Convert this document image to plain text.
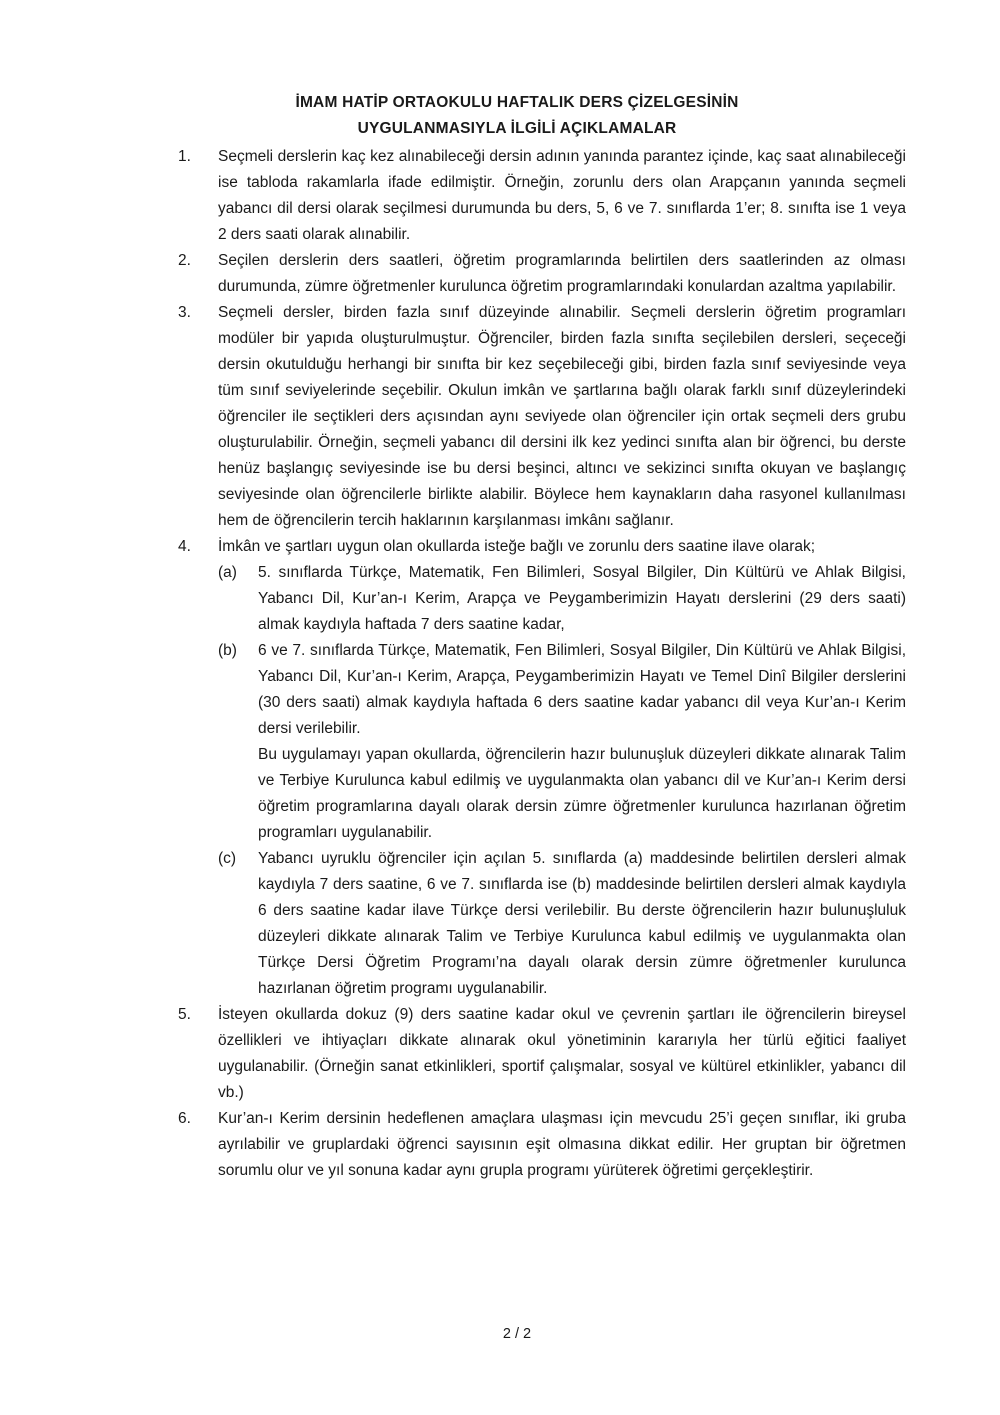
İMAM HATİP ORTAOKULU HAFTALIK DERS ÇİZELGESİNİN
UYGULANMASIYLA İLGİLİ AÇIKLAMALAR
1.	Seçmeli derslerin kaç kez alınabileceği dersin adının yanında parantez içinde, kaç saat alınabileceği ise tabloda rakamlarla ifade edilmiştir. Örneğin, zorunlu ders olan Arapçanın yanında seçmeli yabancı dil dersi olarak seçilmesi durumunda bu ders, 5, 6 ve 7. sınıflarda 1’er; 8. sınıfta ise 1 veya 2 ders saati olarak alınabilir.
2.	Seçilen derslerin ders saatleri, öğretim programlarında belirtilen ders saatlerinden az olması durumunda, zümre öğretmenler kurulunca öğretim programlarındaki konulardan azaltma yapılabilir.
3.	Seçmeli dersler, birden fazla sınıf düzeyinde alınabilir. Seçmeli derslerin öğretim programları modüler bir yapıda oluşturulmuştur. Öğrenciler, birden fazla sınıfta seçilebilen dersleri, seçeceği dersin okutulduğu herhangi bir sınıfta bir kez seçebileceği gibi, birden fazla sınıf seviyesinde veya tüm sınıf seviyelerinde seçebilir. Okulun imkân ve şartlarına bağlı olarak farklı sınıf düzeylerindeki öğrenciler ile seçtikleri ders açısından aynı seviyede olan öğrenciler için ortak seçmeli ders grubu oluşturulabilir. Örneğin, seçmeli yabancı dil dersini ilk kez yedinci sınıfta alan bir öğrenci, bu derste henüz başlangıç seviyesinde ise bu dersi beşinci, altıncı ve sekizinci sınıfta okuyan ve başlangıç seviyesinde olan öğrencilerle birlikte alabilir. Böylece hem kaynakların daha rasyonel kullanılması hem de öğrencilerin tercih haklarının karşılanması imkânı sağlanır.
4.	İmkân ve şartları uygun olan okullarda isteğe bağlı ve zorunlu ders saatine ilave olarak;
(a)	5. sınıflarda Türkçe, Matematik, Fen Bilimleri, Sosyal Bilgiler, Din Kültürü ve Ahlak Bilgisi, Yabancı Dil, Kur’an-ı Kerim, Arapça ve Peygamberimizin Hayatı derslerini (29 ders saati) almak kaydıyla haftada 7 ders saatine kadar,
(b)	6 ve 7. sınıflarda Türkçe, Matematik, Fen Bilimleri, Sosyal Bilgiler, Din Kültürü ve Ahlak Bilgisi, Yabancı Dil, Kur’an-ı Kerim, Arapça, Peygamberimizin Hayatı ve Temel Dinî Bilgiler derslerini (30 ders saati) almak kaydıyla haftada 6 ders saatine kadar yabancı dil veya Kur’an-ı Kerim dersi verilebilir.
Bu uygulamayı yapan okullarda, öğrencilerin hazır bulunuşluk düzeyleri dikkate alınarak Talim ve Terbiye Kurulunca kabul edilmiş ve uygulanmakta olan yabancı dil ve Kur’an-ı Kerim dersi öğretim programlarına dayalı olarak dersin zümre öğretmenler kurulunca hazırlanan öğretim programları uygulanabilir.
(c)	Yabancı uyruklu öğrenciler için açılan 5. sınıflarda (a) maddesinde belirtilen dersleri almak kaydıyla 7 ders saatine, 6 ve 7. sınıflarda ise (b) maddesinde belirtilen dersleri almak kaydıyla 6 ders saatine kadar ilave Türkçe dersi verilebilir. Bu derste öğrencilerin hazır bulunuşluluk düzeyleri dikkate alınarak Talim ve Terbiye Kurulunca kabul edilmiş ve uygulanmakta olan Türkçe Dersi Öğretim Programı’na dayalı olarak dersin zümre öğretmenler kurulunca hazırlanan öğretim programı uygulanabilir.
5.	İsteyen okullarda dokuz (9) ders saatine kadar okul ve çevrenin şartları ile öğrencilerin bireysel özellikleri ve ihtiyaçları dikkate alınarak okul yönetiminin kararıyla her türlü eğitici faaliyet uygulanabilir. (Örneğin sanat etkinlikleri, sportif çalışmalar, sosyal ve kültürel etkinlikler, yabancı dil vb.)
6.	Kur’an-ı Kerim dersinin hedeflenen amaçlara ulaşması için mevcudu 25’i geçen sınıflar, iki gruba ayrılabilir ve gruplardaki öğrenci sayısının eşit olmasına dikkat edilir. Her gruptan bir öğretmen sorumlu olur ve yıl sonuna kadar aynı grupla programı yürüterek öğretimi gerçekleştirir.
2 / 2
